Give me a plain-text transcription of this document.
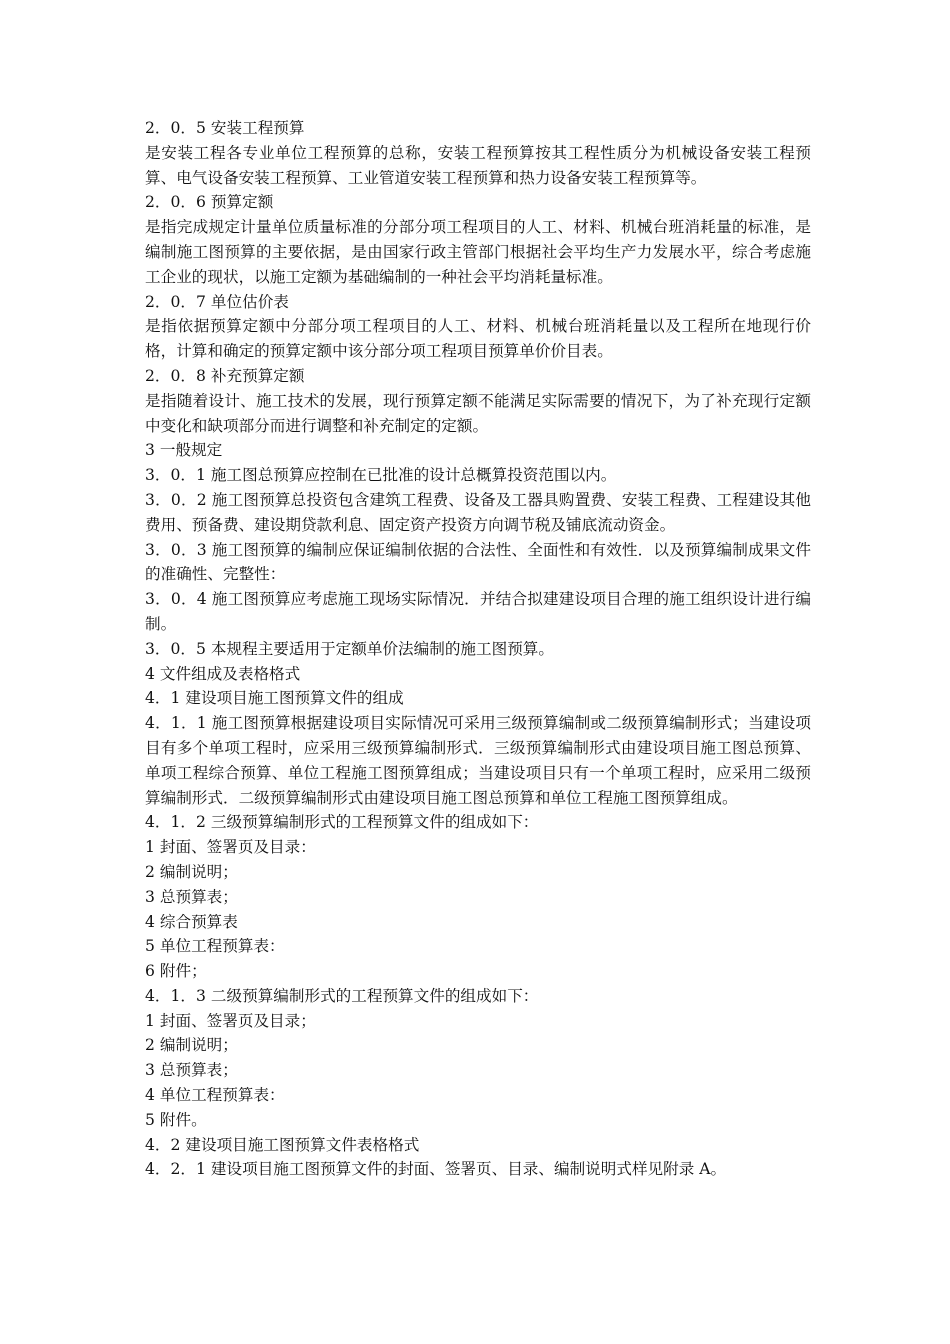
2．0．5 安装工程预算

是安装工程各专业单位工程预算的总称，安装工程预算按其工程性质分为机械设备安装工程预算、电气设备安装工程预算、工业管道安装工程预算和热力设备安装工程预算等。

2．0．6 预算定额

是指完成规定计量单位质量标准的分部分项工程项目的人工、材料、机械台班消耗量的标准，是编制施工图预算的主要依据，是由国家行政主管部门根据社会平均生产力发展水平，综合考虑施工企业的现状，以施工定额为基础编制的一种社会平均消耗量标准。

2．0．7 单位估价表

是指依据预算定额中分部分项工程项目的人工、材料、机械台班消耗量以及工程所在地现行价格，计算和确定的预算定额中该分部分项工程项目预算单价价目表。

2．0．8 补充预算定额

是指随着设计、施工技术的发展，现行预算定额不能满足实际需要的情况下，为了补充现行定额中变化和缺项部分而进行调整和补充制定的定额。

3 一般规定

3．0．1 施工图总预算应控制在已批准的设计总概算投资范围以内。

3．0．2 施工图预算总投资包含建筑工程费、设备及工器具购置费、安装工程费、工程建设其他费用、预备费、建设期贷款利息、固定资产投资方向调节税及铺底流动资金。

3．0．3 施工图预算的编制应保证编制依据的合法性、全面性和有效性．以及预算编制成果文件的准确性、完整性：

3．0．4 施工图预算应考虑施工现场实际情况．并结合拟建建设项目合理的施工组织设计进行编制。

3．0．5 本规程主要适用于定额单价法编制的施工图预算。

4 文件组成及表格格式

4．1 建设项目施工图预算文件的组成

4．1．1 施工图预算根据建设项目实际情况可采用三级预算编制或二级预算编制形式；当建设项目有多个单项工程时，应采用三级预算编制形式．三级预算编制形式由建设项目施工图总预算、单项工程综合预算、单位工程施工图预算组成；当建设项目只有一个单项工程时，应采用二级预算编制形式．二级预算编制形式由建设项目施工图总预算和单位工程施工图预算组成。

4．1．2 三级预算编制形式的工程预算文件的组成如下：

1 封面、签署页及目录：

2 编制说明；

3 总预算表；

4 综合预算表

5 单位工程预算表：

6 附件；

4．1．3 二级预算编制形式的工程预算文件的组成如下：

1 封面、签署页及目录；

2 编制说明；

3 总预算表；

4 单位工程预算表：

5 附件。

4．2 建设项目施工图预算文件表格格式

4．2．1 建设项目施工图预算文件的封面、签署页、目录、编制说明式样见附录 A。
